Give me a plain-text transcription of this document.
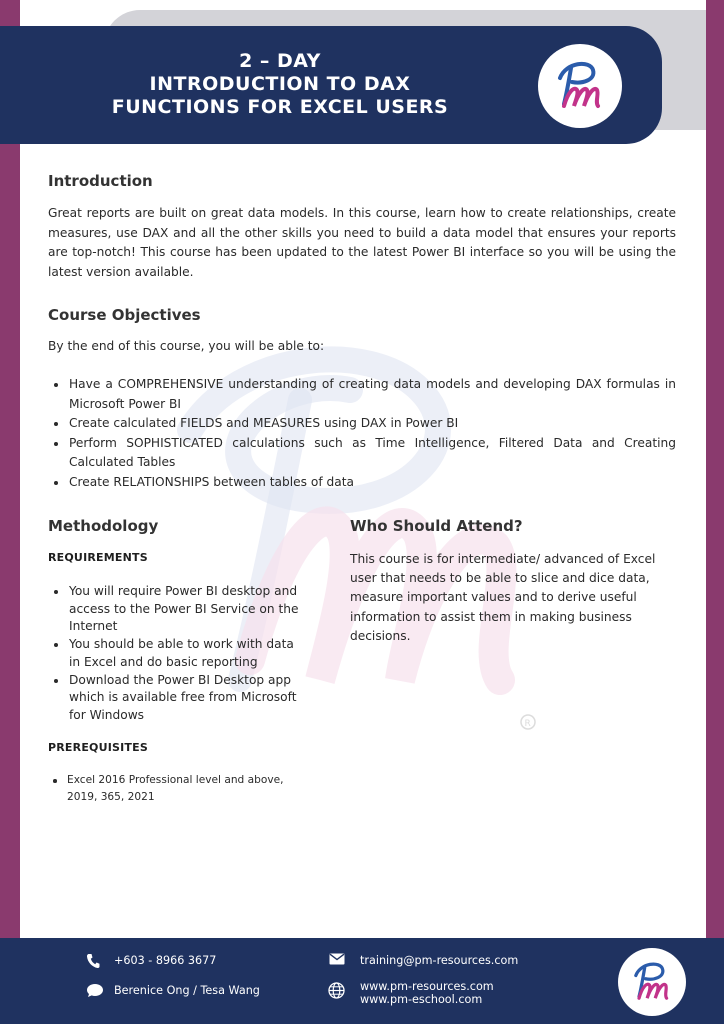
R
2 – DAY
INTRODUCTION TO DAX
FUNCTIONS FOR EXCEL USERS
Introduction

Great reports are built on great data models. In this course, learn how to create relationships, create measures, use DAX and all the other skills you need to build a data model that ensures your reports are top-notch! This course has been updated to the latest Power BI interface so you will be using the latest version available.

Course Objectives

By the end of this course, you will be able to:

Have a COMPREHENSIVE understanding of creating data models and developing DAX formulas in Microsoft Power BI
Create calculated FIELDS and MEASURES using DAX in Power BI
Perform SOPHISTICATED calculations such as Time Intelligence, Filtered Data and Creating Calculated Tables
Create RELATIONSHIPS between tables of data
Methodology
REQUIREMENTS
You will require Power BI desktop and access to the Power BI Service on the Internet
You should be able to work with data in Excel and do basic reporting
Download the Power BI Desktop app which is available free from Microsoft for Windows
PREREQUISITES
Excel 2016 Professional level and above, 2019, 365, 2021
Who Should Attend?

This course is for intermediate/ advanced of Excel user that needs to be able to slice and dice data, measure important values and to derive useful information to assist them in making business decisions.

+603 - 8966 3677
Berenice Ong / Tesa Wang
training@pm-resources.com
www.pm-resources.com
www.pm-eschool.com
